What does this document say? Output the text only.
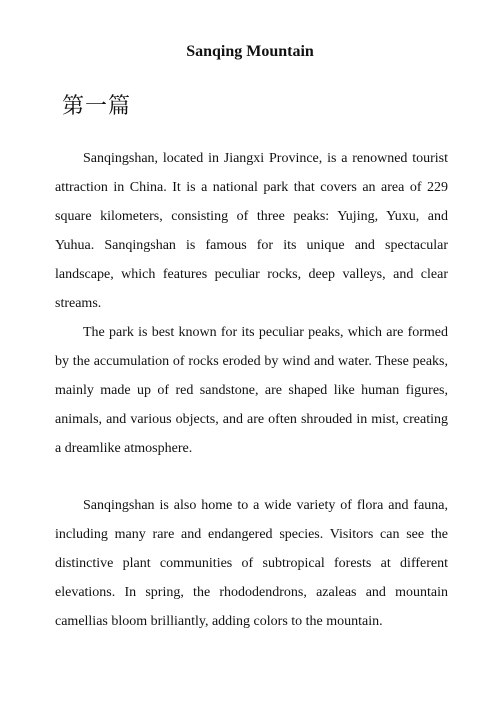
Sanqing Mountain
第一篇

Sanqingshan, located in Jiangxi Province, is a renowned tourist attraction in China. It is a national park that covers an area of 229 square kilometers, consisting of three peaks: Yujing, Yuxu, and Yuhua. Sanqingshan is famous for its unique and spectacular landscape, which features peculiar rocks, deep valleys, and clear streams.

The park is best known for its peculiar peaks, which are formed by the accumulation of rocks eroded by wind and water. These peaks, mainly made up of red sandstone, are shaped like human figures, animals, and various objects, and are often shrouded in mist, creating a dreamlike atmosphere.

Sanqingshan is also home to a wide variety of flora and fauna, including many rare and endangered species. Visitors can see the distinctive plant communities of subtropical forests at different elevations. In spring, the rhododendrons, azaleas and mountain camellias bloom brilliantly, adding colors to the mountain.
